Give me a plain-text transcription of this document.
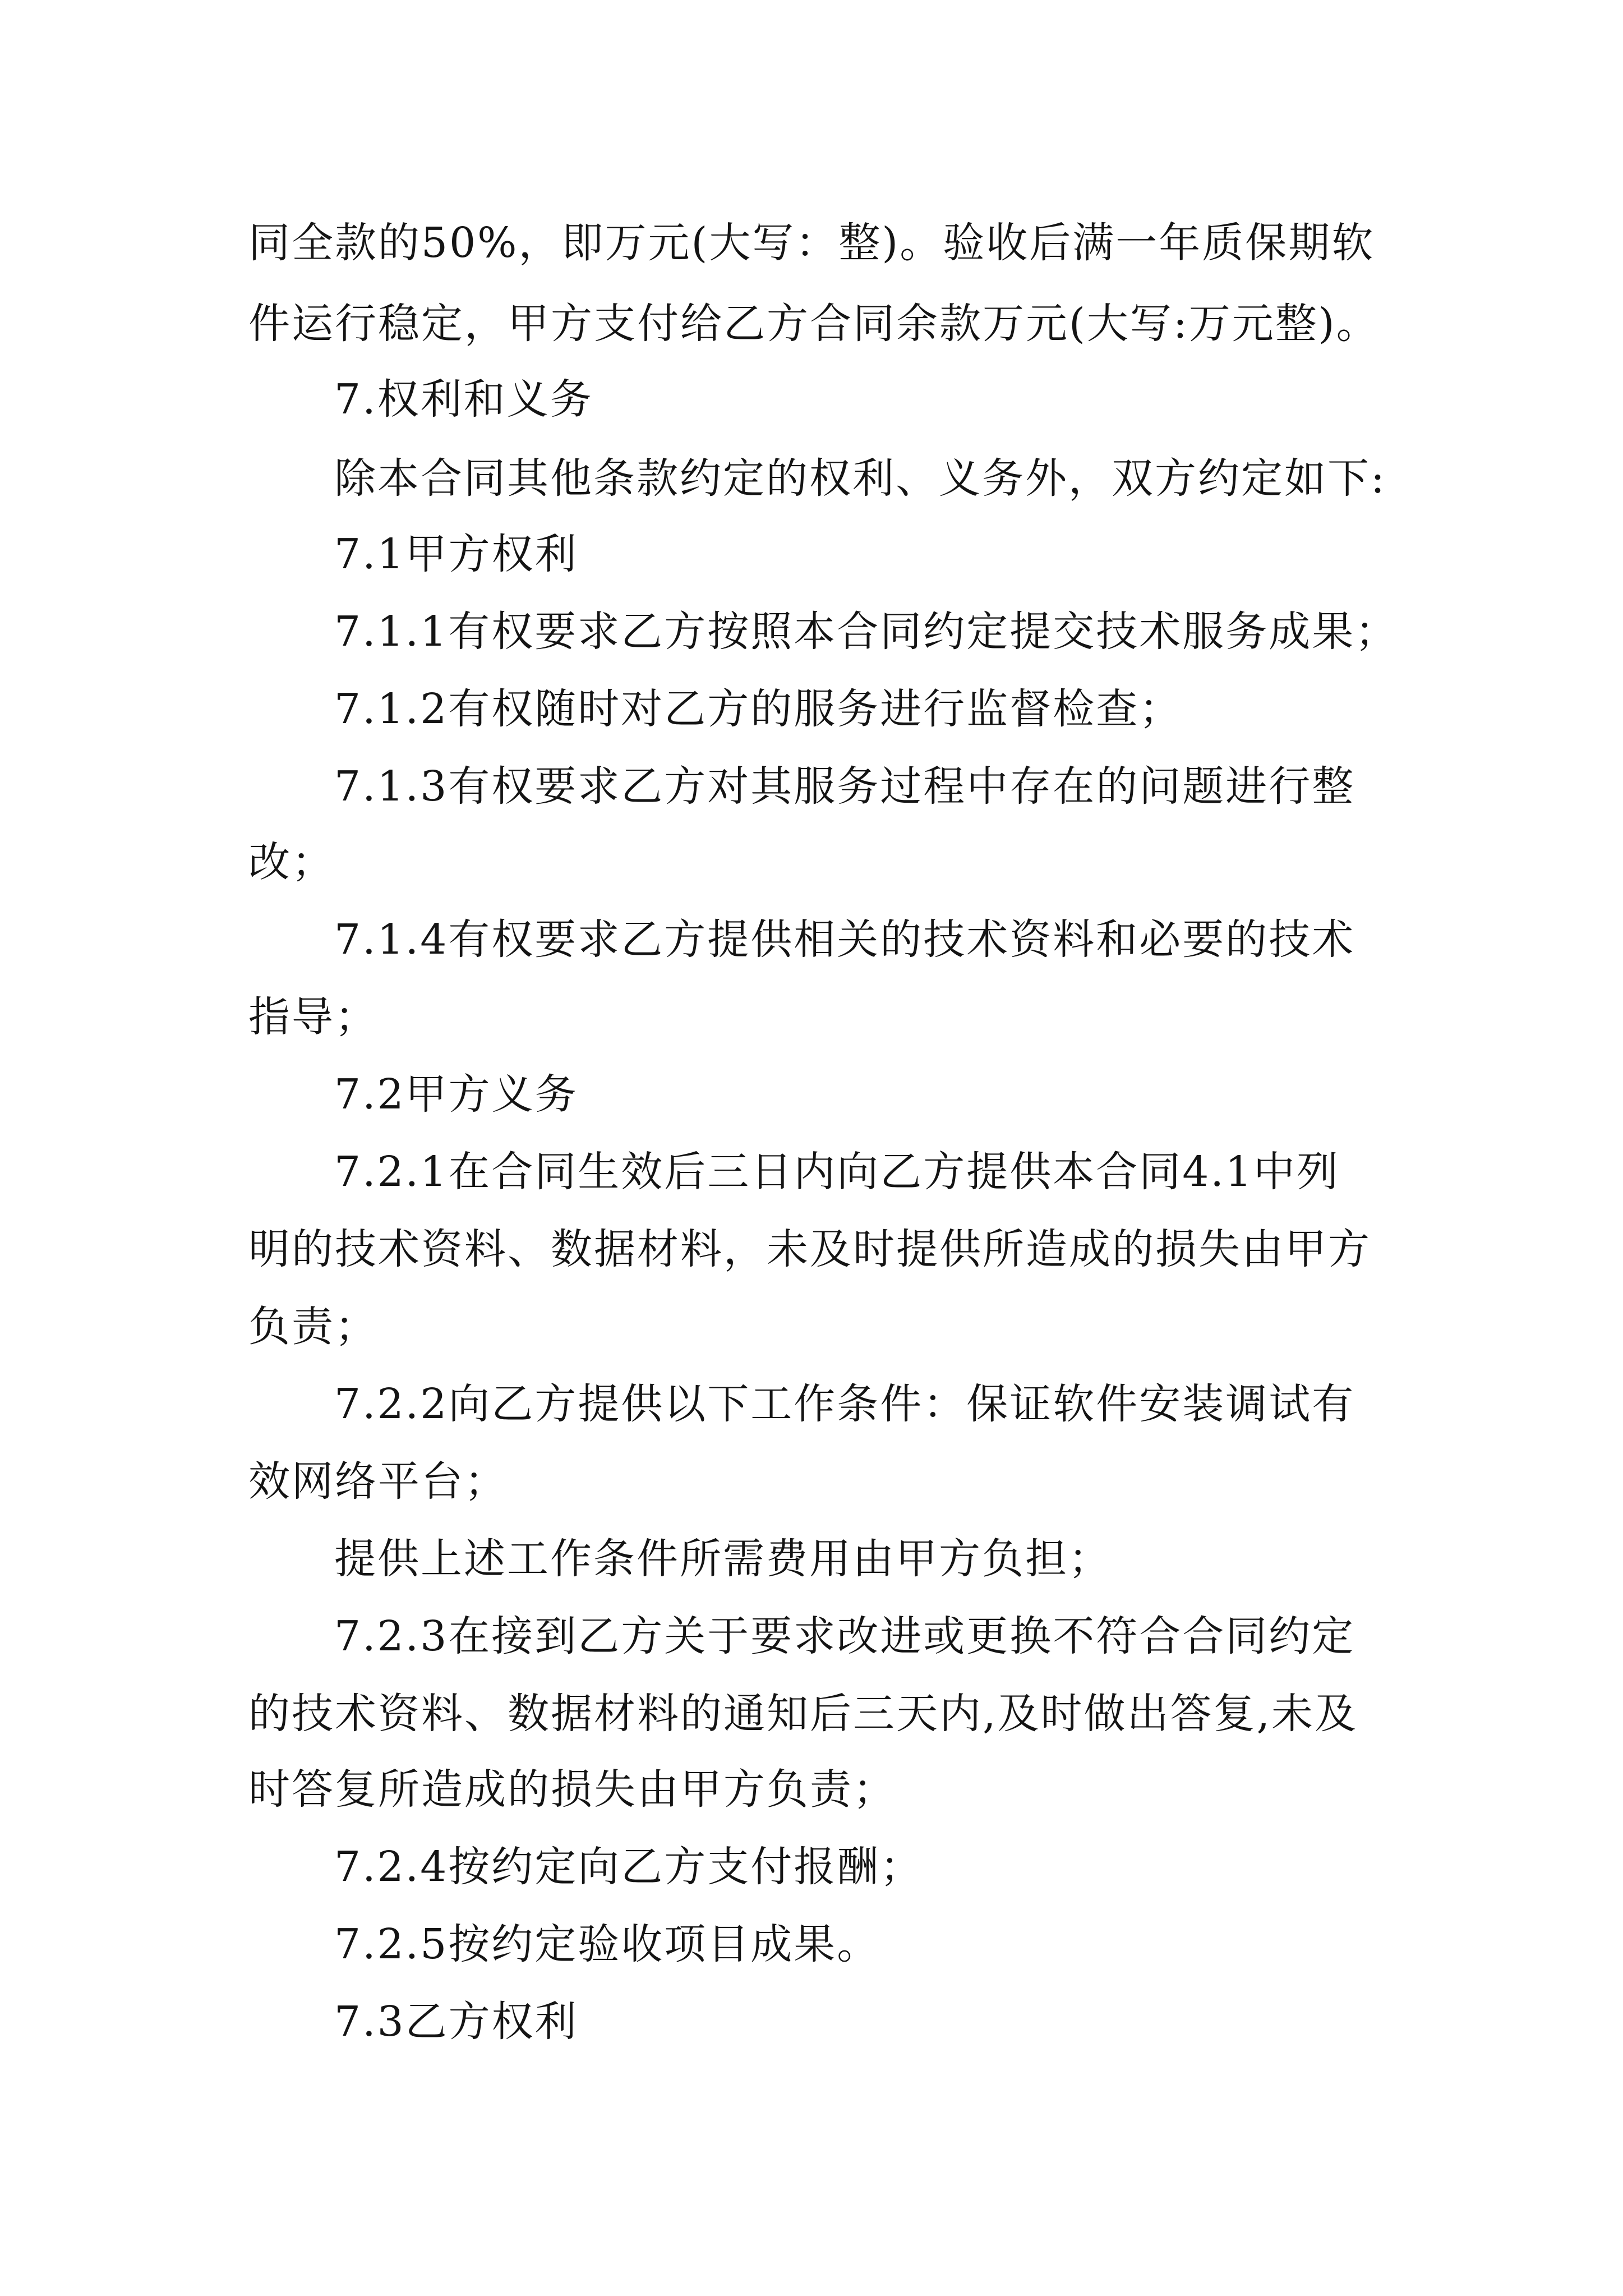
同全款的50%，即万元(大写：整)。验收后满一年质保期软
件运行稳定，甲方支付给乙方合同余款万元(大写:万元整)。
7.权利和义务
除本合同其他条款约定的权利、义务外，双方约定如下:
7.1甲方权利
7.1.1有权要求乙方按照本合同约定提交技术服务成果；
7.1.2有权随时对乙方的服务进行监督检查；
7.1.3有权要求乙方对其服务过程中存在的问题进行整
改；
7.1.4有权要求乙方提供相关的技术资料和必要的技术
指导；
7.2甲方义务
7.2.1在合同生效后三日内向乙方提供本合同4.1中列
明的技术资料、数据材料，未及时提供所造成的损失由甲方
负责；
7.2.2向乙方提供以下工作条件：保证软件安装调试有
效网络平台；
提供上述工作条件所需费用由甲方负担；
7.2.3在接到乙方关于要求改进或更换不符合合同约定
的技术资料、数据材料的通知后三天内,及时做出答复,未及
时答复所造成的损失由甲方负责；
7.2.4按约定向乙方支付报酬；
7.2.5按约定验收项目成果。
7.3乙方权利
